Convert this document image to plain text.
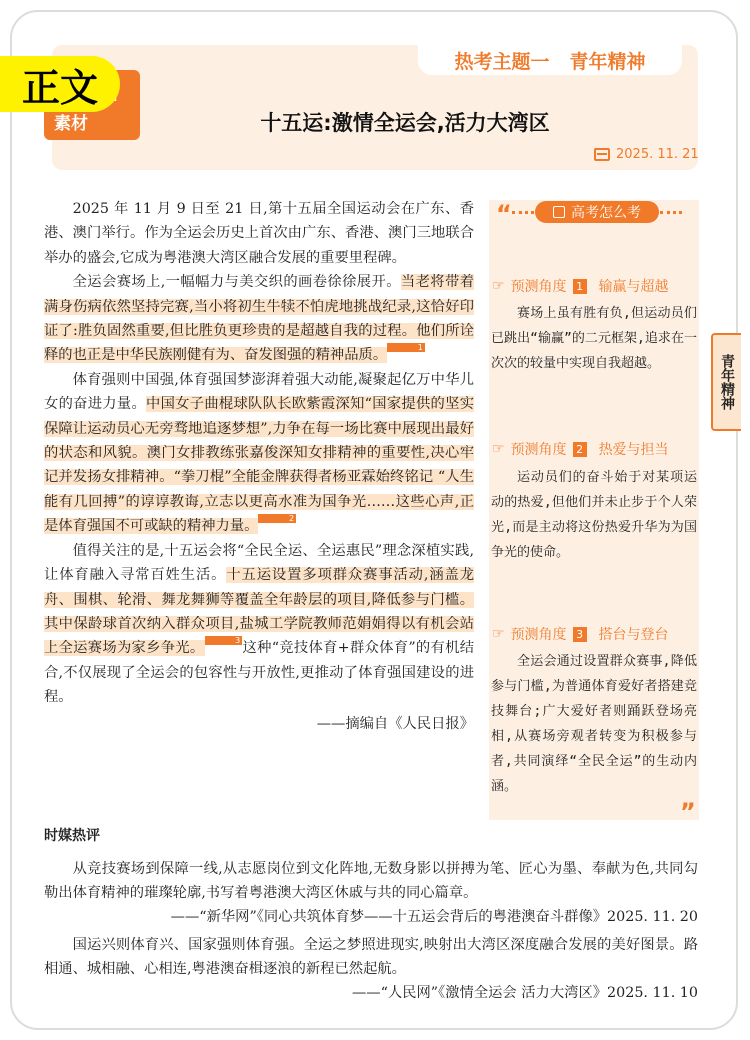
热考主题一 青年精神
素材
正文
十五运:激情全运会,活力大湾区
2025. 11. 21

2025 年 11 月 9 日至 21 日,第十五届全国运动会在广东、香港、澳门举行。作为全运会历史上首次由广东、香港、澳门三地联合举办的盛会,它成为粤港澳大湾区融合发展的重要里程碑。

全运会赛场上,一幅幅力与美交织的画卷徐徐展开。当老将带着满身伤病依然坚持完赛,当小将初生牛犊不怕虎地挑战纪录,这恰好印证了:胜负固然重要,但比胜负更珍贵的是超越自我的过程。他们所诠释的也正是中华民族刚健有为、奋发图强的精神品质。	1

体育强则中国强,体育强国梦澎湃着强大动能,凝聚起亿万中华儿女的奋进力量。中国女子曲棍球队队长欧紫霞深知“国家提供的坚实保障让运动员心无旁骛地追逐梦想”,力争在每一场比赛中展现出最好的状态和风貌。澳门女排教练张嘉俊深知女排精神的重要性,决心牢记并发扬女排精神。“拳刀棍”全能金牌获得者杨亚霖始终铭记 “人生能有几回搏”的谆谆教诲,立志以更高水准为国争光……这些心声,正是体育强国不可或缺的精神力量。	2

值得关注的是,十五运会将“全民全运、全运惠民”理念深植实践,让体育融入寻常百姓生活。十五运设置多项群众赛事活动,涵盖龙舟、围棋、轮滑、舞龙舞狮等覆盖全年龄层的项目,降低参与门槛。其中保龄球首次纳入群众项目,盐城工学院教师范娟娟得以有机会站上全运赛场为家乡争光。	3 这种“竞技体育+群众体育”的有机结合,不仅展现了全运会的包容性与开放性,更推动了体育强国建设的进程。

——摘编自《人民日报》
“	高考怎么考
☞ 预测角度 1 输赢与超越

赛场上虽有胜有负,但运动员们已跳出“输赢”的二元框架,追求在一次次的较量中实现自我超越。

☞ 预测角度 2 热爱与担当

运动员们的奋斗始于对某项运动的热爱,但他们并未止步于个人荣光,而是主动将这份热爱升华为为国争光的使命。

☞ 预测角度 3 搭台与登台

全运会通过设置群众赛事,降低参与门槛,为普通体育爱好者搭建竞技舞台;广大爱好者则踊跃登场亮相,从赛场旁观者转变为积极参与者,共同演绎“全民全运”的生动内涵。

”
青年精神
时媒热评

从竞技赛场到保障一线,从志愿岗位到文化阵地,无数身影以拼搏为笔、匠心为墨、奉献为色,共同勾勒出体育精神的璀璨轮廓,书写着粤港澳大湾区休戚与共的同心篇章。

——“新华网”《同心共筑体育梦——十五运会背后的粤港澳奋斗群像》2025. 11. 20

国运兴则体育兴、国家强则体育强。全运之梦照进现实,映射出大湾区深度融合发展的美好图景。路相通、城相融、心相连,粤港澳奋楫逐浪的新程已然起航。

——“人民网”《激情全运会 活力大湾区》2025. 11. 10
